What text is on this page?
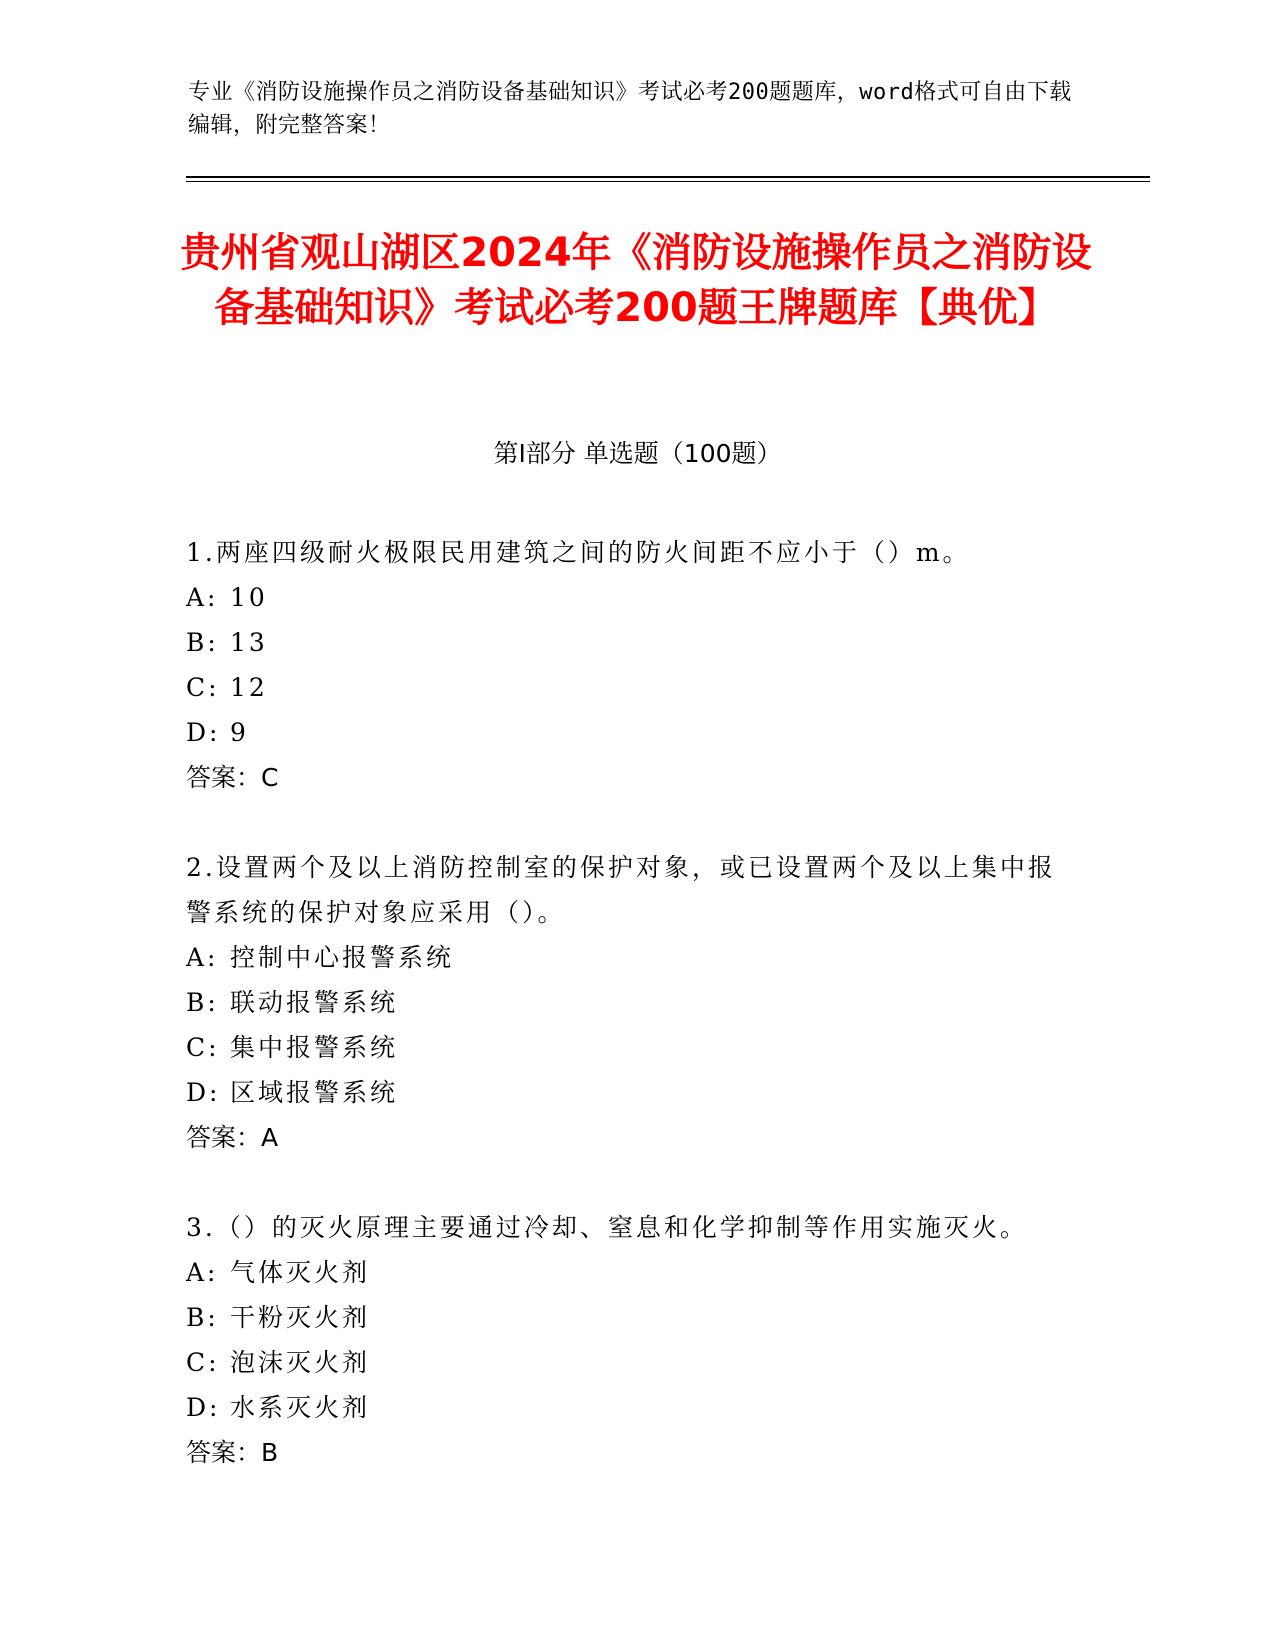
专业《消防设施操作员之消防设备基础知识》考试必考200题题库，word格式可自由下载编辑，附完整答案！
贵州省观山湖区2024年《消防设施操作员之消防设备基础知识》考试必考200题王牌题库【典优】
第Ⅰ部分 单选题（100题）
1.两座四级耐火极限民用建筑之间的防火间距不应小于（）m。
A: 10
B: 13
C: 12
D: 9
答案：C
2.设置两个及以上消防控制室的保护对象，或已设置两个及以上集中报警系统的保护对象应采用（）。
A: 控制中心报警系统
B: 联动报警系统
C: 集中报警系统
D: 区域报警系统
答案：A
3.（）的灭火原理主要通过冷却、窒息和化学抑制等作用实施灭火。
A: 气体灭火剂
B: 干粉灭火剂
C: 泡沫灭火剂
D: 水系灭火剂
答案：B
